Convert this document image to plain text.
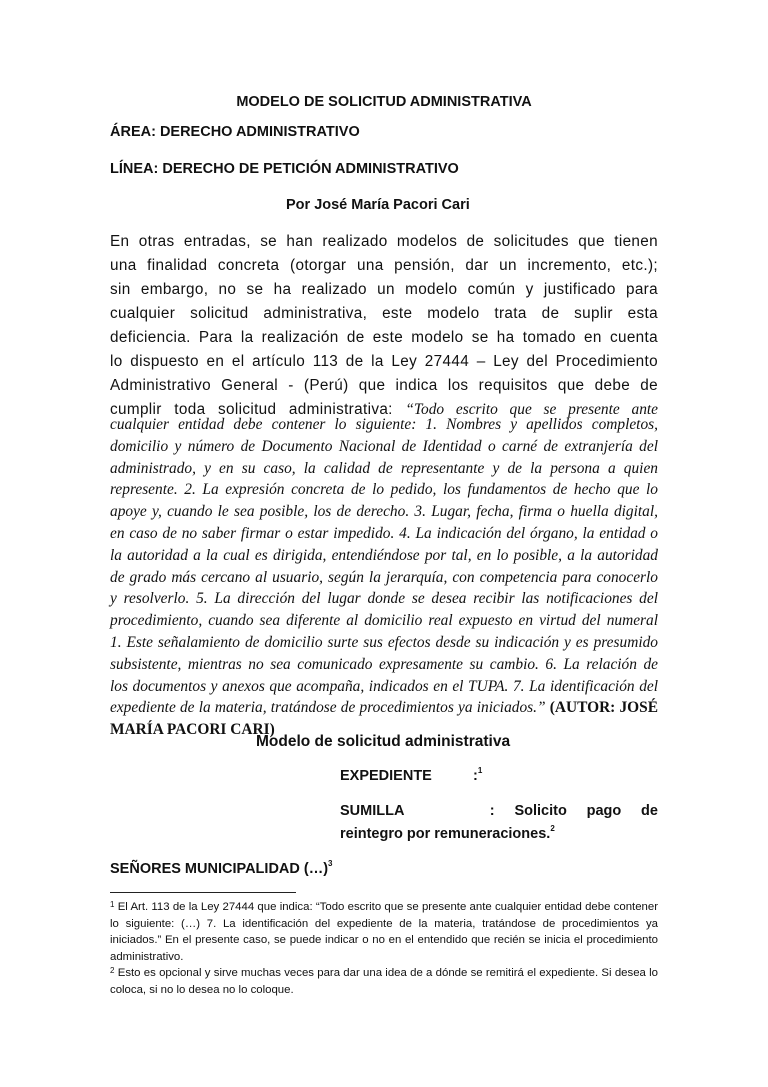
MODELO DE SOLICITUD ADMINISTRATIVA
ÁREA: DERECHO ADMINISTRATIVO
LÍNEA: DERECHO DE PETICIÓN ADMINISTRATIVO
Por José María Pacori Cari
En otras entradas, se han realizado modelos de solicitudes que tienen
una finalidad concreta (otorgar una pensión, dar un incremento, etc.);
sin embargo, no se ha realizado un modelo común y justificado para
cualquier solicitud administrativa, este modelo trata de suplir esta
deficiencia. Para la realización de este modelo se ha tomado en cuenta
lo dispuesto en el artículo 113 de la Ley 27444 – Ley del Procedimiento
Administrativo General - (Perú) que indica los requisitos que debe de
cumplir toda solicitud administrativa: “Todo escrito que se presente ante
cualquier entidad debe contener lo siguiente: 1. Nombres y apellidos completos,
domicilio y número de Documento Nacional de Identidad o carné de extranjería del
administrado, y en su caso, la calidad de representante y de la persona a quien
represente. 2. La expresión concreta de lo pedido, los fundamentos de hecho que lo
apoye y, cuando le sea posible, los de derecho. 3. Lugar, fecha, firma o huella digital,
en caso de no saber firmar o estar impedido. 4. La indicación del órgano, la entidad o
la autoridad a la cual es dirigida, entendiéndose por tal, en lo posible, a la autoridad
de grado más cercano al usuario, según la jerarquía, con competencia para conocerlo
y resolverlo. 5. La dirección del lugar donde se desea recibir las notificaciones del
procedimiento, cuando sea diferente al domicilio real expuesto en virtud del numeral
1. Este señalamiento de domicilio surte sus efectos desde su indicación y es presumido
subsistente, mientras no sea comunicado expresamente su cambio. 6. La relación de
los documentos y anexos que acompaña, indicados en el TUPA. 7. La identificación del
expediente de la materia, tratándose de procedimientos ya iniciados.” (AUTOR: JOSÉ
MARÍA PACORI CARI)
Modelo de solicitud administrativa
EXPEDIENTE	:$^1$
SUMILLA	: Solicito pago de
reintegro por remuneraciones.$^2$
SEÑORES MUNICIPALIDAD (…)$^3$
$^1$ El Art. 113 de la Ley 27444 que indica: “Todo escrito que se presente ante cualquier entidad debe contener lo siguiente: (…) 7. La identificación del expediente de la materia, tratándose de procedimientos ya iniciados.” En el presente caso, se puede indicar o no en el entendido que recién se inicia el procedimiento administrativo.
$^2$ Esto es opcional y sirve muchas veces para dar una idea de a dónde se remitirá el expediente. Si desea lo coloca, si no lo desea no lo coloque.
